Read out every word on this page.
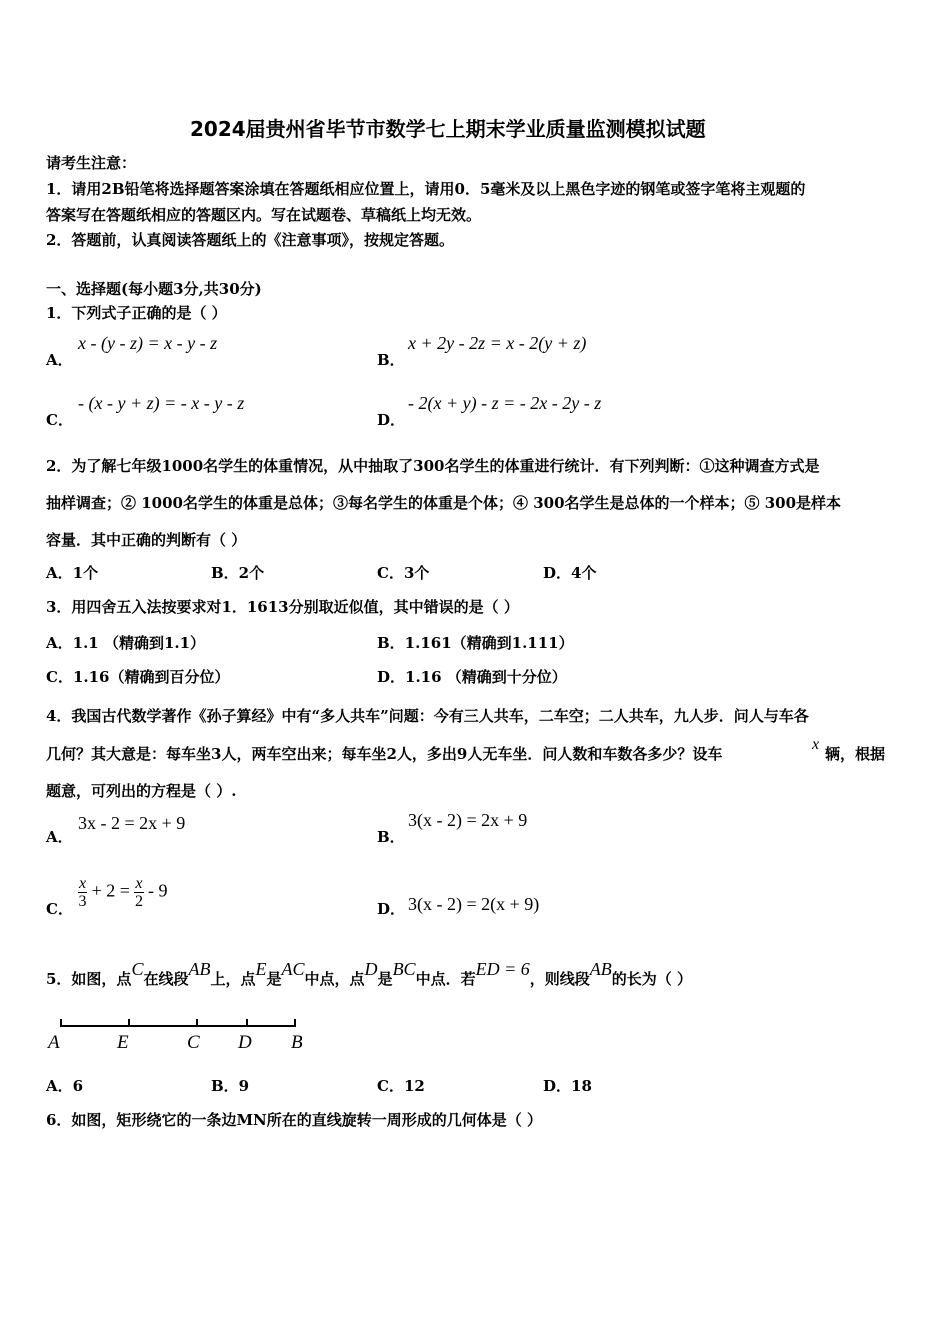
2024届贵州省毕节市数学七上期末学业质量监测模拟试题
请考生注意：
1．请用2B铅笔将选择题答案涂填在答题纸相应位置上，请用0．5毫米及以上黑色字迹的钢笔或签字笔将主观题的
答案写在答题纸相应的答题区内。写在试题卷、草稿纸上均无效。
2．答题前，认真阅读答题纸上的《注意事项》，按规定答题。
一、选择题(每小题3分,共30分)
1．下列式子正确的是（ ）
A．
x - (y - z) = x - y - z
B．
x + 2y - 2z = x - 2(y + z)
C．
- (x - y + z) = - x - y - z
D．
- 2(x + y) - z = - 2x - 2y - z
2．为了解七年级1000名学生的体重情况，从中抽取了300名学生的体重进行统计．有下列判断：①这种调查方式是
抽样调查；② 1000名学生的体重是总体；③每名学生的体重是个体；④ 300名学生是总体的一个样本；⑤ 300是样本
容量．其中正确的判断有（ ）
A．1个	B．2个	C．3个	D．4个
3．用四舍五入法按要求对1．1613分别取近似值，其中错误的是（ ）
A．1.1 （精确到1.1）	B．1.161（精确到1.111）
C．1.16（精确到百分位）	D．1.16 （精确到十分位）
4．我国古代数学著作《孙子算经》中有“多人共车”问题：今有三人共车，二车空；二人共车，九人步．问人与车各
几何？其大意是：每车坐3人，两车空出来；每车坐2人，多出9人无车坐．问人数和车数各多少？设车
x
辆，根据
题意，可列出的方程是（ ）.
A．
3x - 2 = 2x + 9
B．
3(x - 2) = 2x + 9
C． $\frac{x}{3} + 2 = \frac{x}{2} - 9$
D． 3(x - 2) = 2(x + 9)
5．如图，点C在线段AB上，点E是AC中点，点D是BC中点．若ED = 6，则线段AB的长为（ ）
A	E	C D B
A．6	B．9	C．12	D．18
6．如图，矩形绕它的一条边MN所在的直线旋转一周形成的几何体是（ ）
